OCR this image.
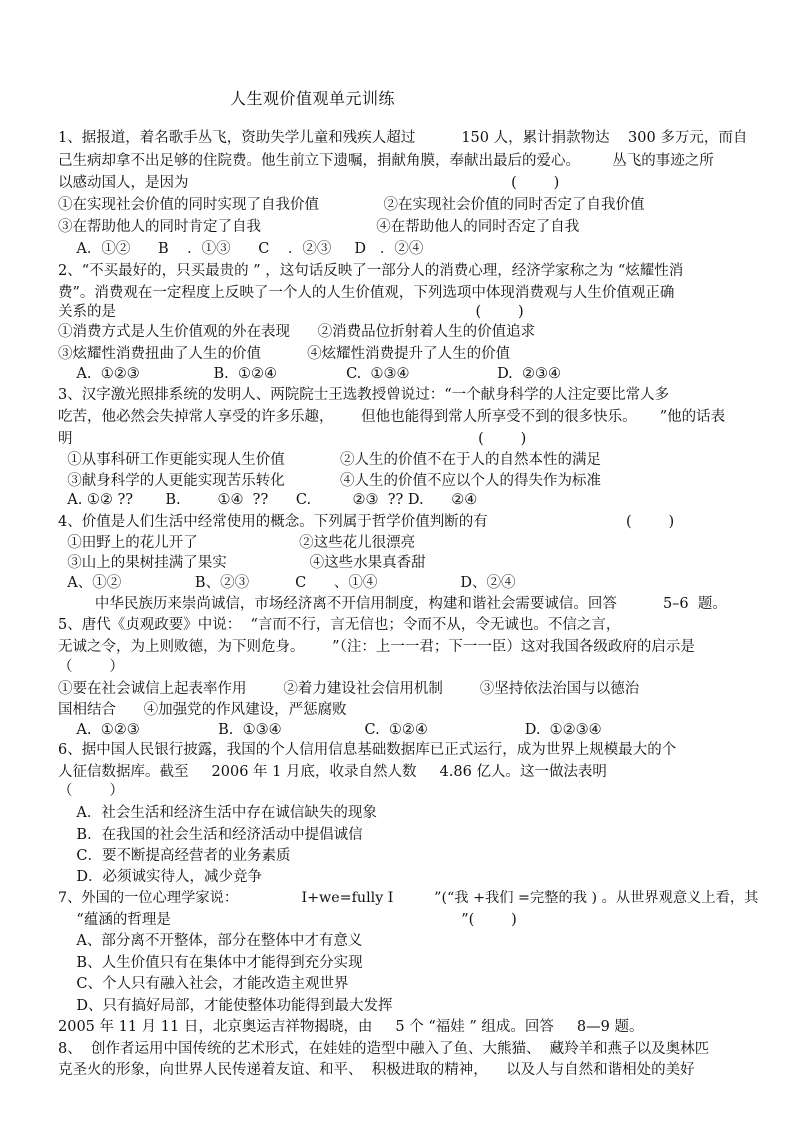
人生观价值观单元训练
1、据报道，着名歌手丛飞，资助失学儿童和残疾人超过          150 人，累计捐款物达    300 多万元，而自
己生病却拿不出足够的住院费。他生前立下遗嘱，捐献角膜，奉献出最后的爱心。       丛飞的事迹之所
以感动国人，是因为                                                                      (        )
①在实现社会价值的同时实现了自我价值              ②在实现社会价值的同时否定了自我价值
③在帮助他人的同时肯定了自我                         ④在帮助他人的同时否定了自我
A．①②      B    ．①③      C    ．②③     D   ．②④
2、“不买最好的，只买最贵的 ” ，这句话反映了一部分人的消费心理，经济学家称之为 “炫耀性消
费”。消费观在一定程度上反映了一个人的人生价值观，下列选项中体现消费观与人生价值观正确
关系的是                                                                              (        )
①消费方式是人生价值观的外在表现      ②消费品位折射着人生的价值追求
③炫耀性消费扭曲了人生的价值          ④炫耀性消费提升了人生的价值
A.  ①②③                B.  ①②④               C.  ①③④                   D.  ②③④
3、汉字激光照排系统的发明人、两院院士王选教授曾说过：“一个献身科学的人注定要比常人多
吃苦，他必然会失掉常人享受的许多乐趣，      但他也能得到常人所享受不到的很多快乐。     ”他的话表
明                                                                                        (        )
①从事科研工作更能实现人生价值            ②人生的价值不在于人的自然本性的满足
③献身科学的人更能实现苦乐转化            ④人生的价值不应以个人的得失作为标准
A. ①② ??       B.        ①④  ??      C.         ②③  ?? D.      ②④
4、价值是人们生活中经常使用的概念。下列属于哲学价值判断的有                              (        )
①田野上的花儿开了                      ②这些花儿很漂亮
③山上的果树挂满了果实                  ④这些水果真香甜
A、①②                B、②③          C      、①④                  D、②④
中华民族历来崇尚诚信，市场经济离不开信用制度，构建和谐社会需要诚信。回答          5–6  题。
5、唐代《贞观政要》中说：  “言而不行，言无信也；令而不从，令无诚也。不信之言，
无诚之令，为上则败德，为下则危身。      ”（注：上一一君；下一一臣）这对我国各级政府的启示是
（        ）
①要在社会诚信上起表率作用        ②着力建设社会信用机制        ③坚持依法治国与以德治
国相结合      ④加强党的作风建设，严惩腐败
A.  ①②③                 B.  ①③④                  C.  ①②④                     D.  ①②③④
6、据中国人民银行披露，我国的个人信用信息基础数据库已正式运行，成为世界上规模最大的个
人征信数据库。截至     2006 年 1 月底，收录自然人数     4.86 亿人。这一做法表明
（        ）
A．社会生活和经济生活中存在诚信缺失的现象
B．在我国的社会生活和经济活动中提倡诚信
C．要不断提高经营者的业务素质
D．必须诚实待人，减少竞争
7、外国的一位心理学家说：              I+we=fully I         ”(“我 +我们 =完整的我 ) 。从世界观意义上看，其
“蕴涵的哲理是                                                               ”(        )
A、部分离不开整体，部分在整体中才有意义
B、人生价值只有在集体中才能得到充分实现
C、个人只有融入社会，才能改造主观世界
D、只有搞好局部，才能使整体功能得到最大发挥
2005 年 11 月 11 日，北京奥运吉祥物揭晓，由     5 个 “福娃 ” 组成。回答     8—9 题。
8、  创作者运用中国传统的艺术形式，在娃娃的造型中融入了鱼、大熊猫、  藏羚羊和燕子以及奥林匹
克圣火的形象，向世界人民传递着友谊、和平、  积极进取的精神，    以及人与自然和谐相处的美好
